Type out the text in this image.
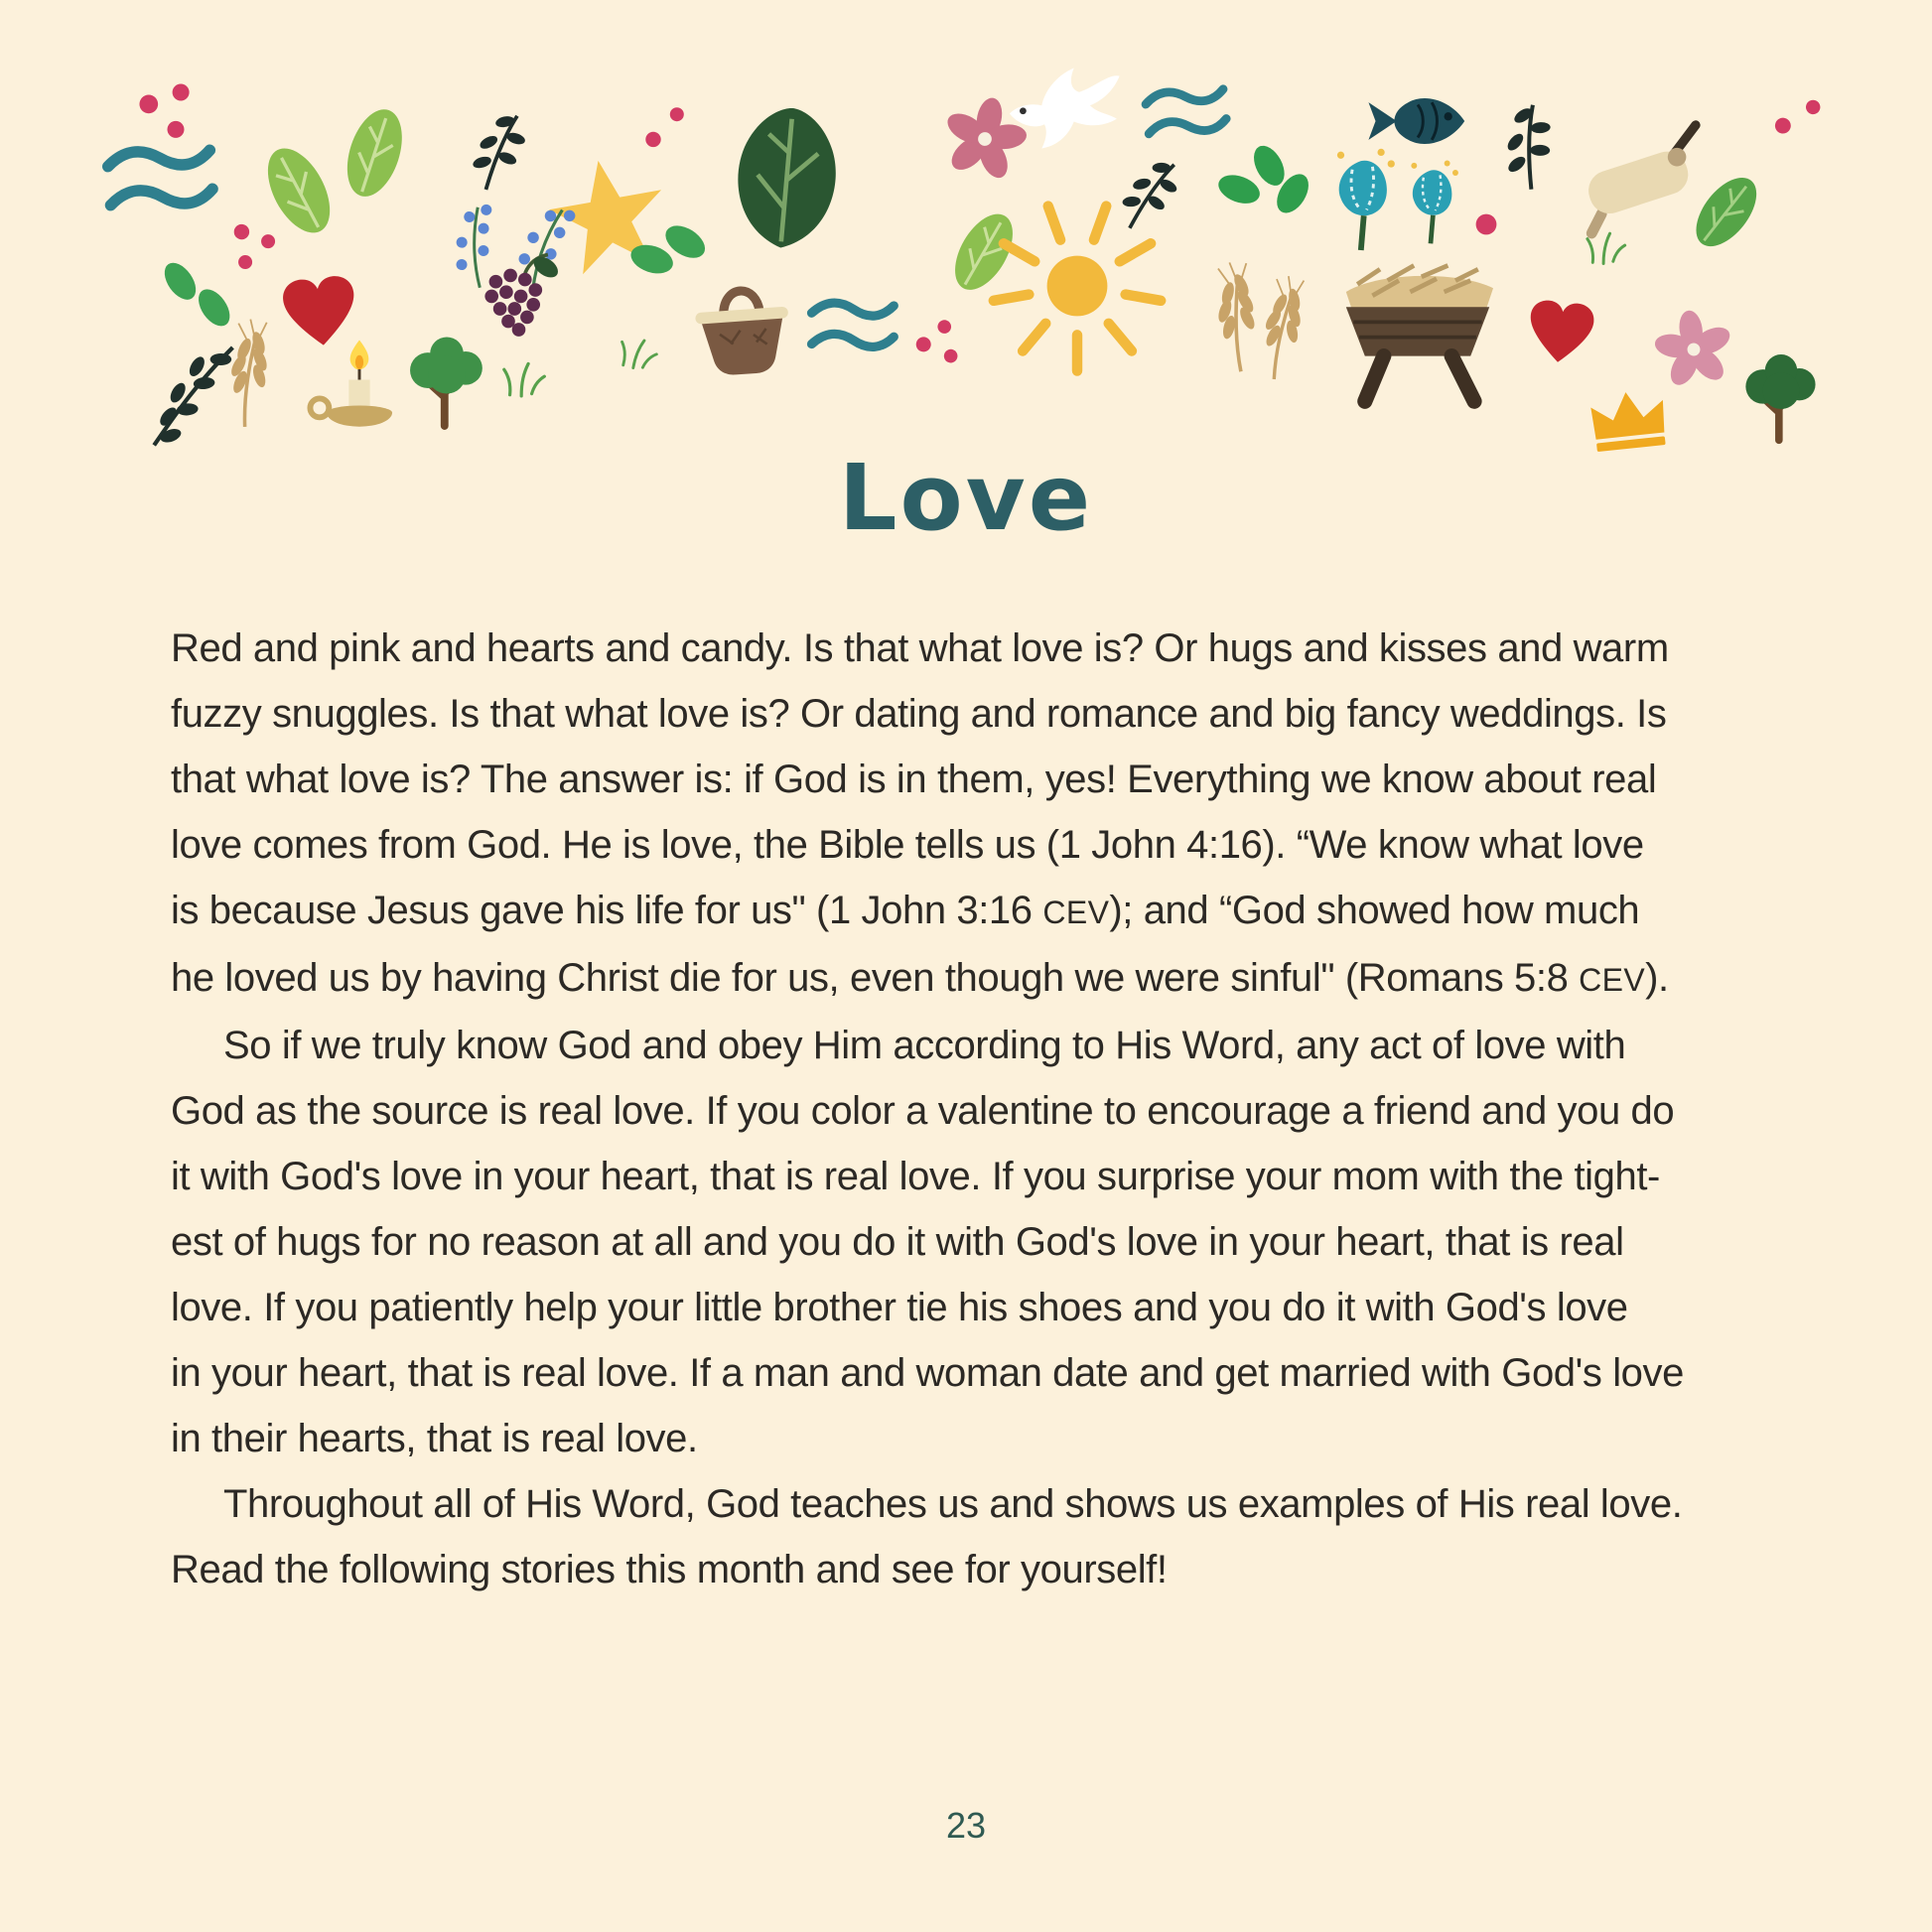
Love
Red and pink and hearts and candy. Is that what love is? Or hugs and kisses and warm
fuzzy snuggles. Is that what love is? Or dating and romance and big fancy weddings. Is
that what love is? The answer is: if God is in them, yes! Everything we know about real
love comes from God. He is love, the Bible tells us (1 John 4:16). “We know what love
is because Jesus gave his life for us" (1 John 3:16 CEV); and “God showed how much
he loved us by having Christ die for us, even though we were sinful" (Romans 5:8 CEV).
So if we truly know God and obey Him according to His Word, any act of love with
God as the source is real love. If you color a valentine to encourage a friend and you do
it with God's love in your heart, that is real love. If you surprise your mom with the tight-
est of hugs for no reason at all and you do it with God's love in your heart, that is real
love. If you patiently help your little brother tie his shoes and you do it with God's love
in your heart, that is real love. If a man and woman date and get married with God's love
in their hearts, that is real love.
Throughout all of His Word, God teaches us and shows us examples of His real love.
Read the following stories this month and see for yourself!
23
